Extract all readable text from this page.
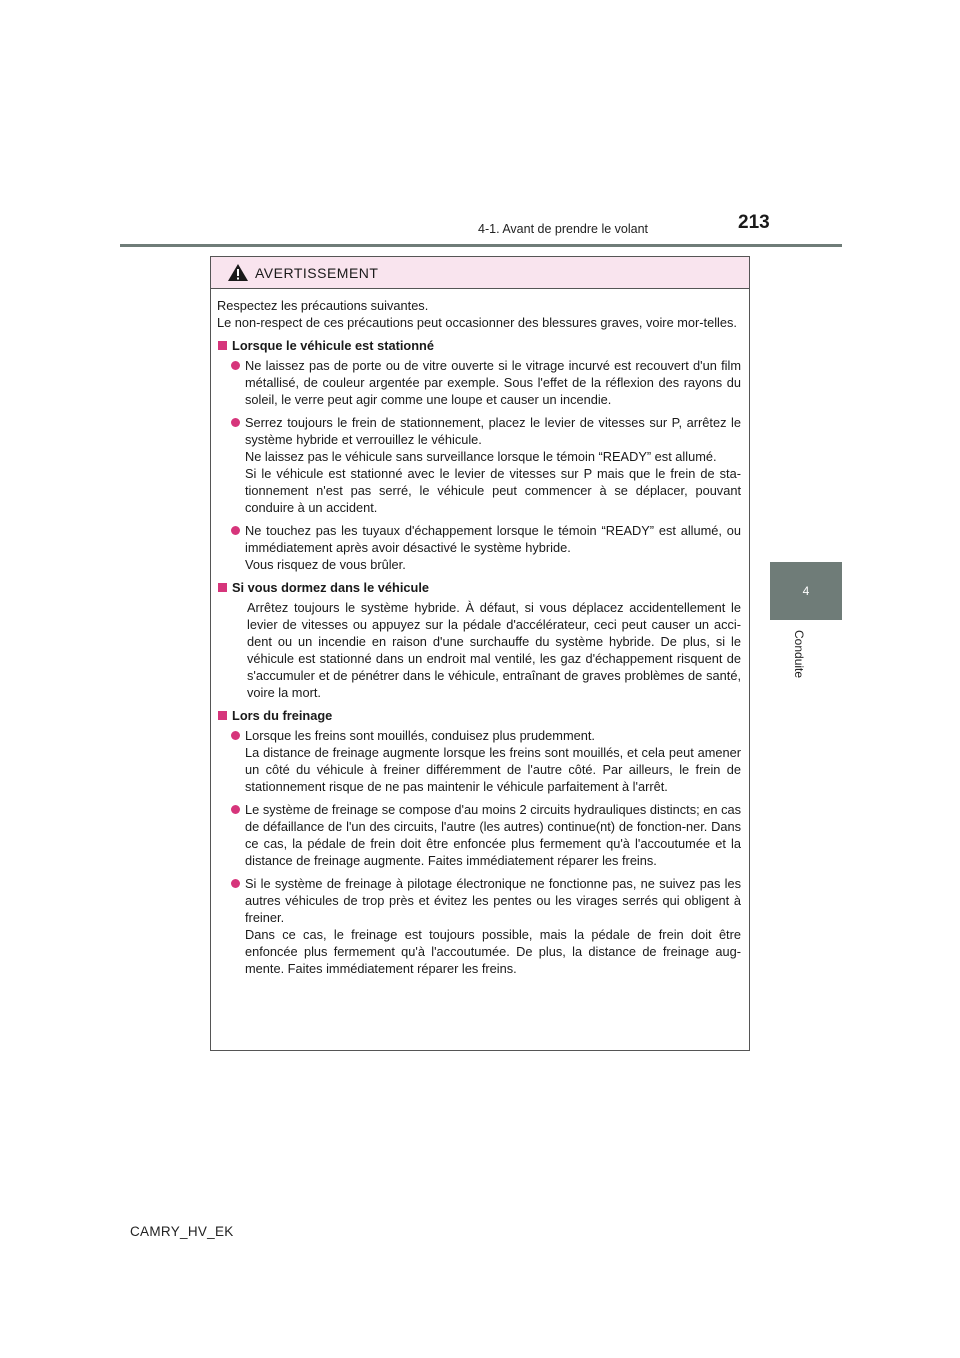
4-1. Avant de prendre le volant	213
4
Conduite
AVERTISSEMENT
Respectez les précautions suivantes.
Le non-respect de ces précautions peut occasionner des blessures graves, voire mor-telles.
Lorsque le véhicule est stationné
Ne laissez pas de porte ou de vitre ouverte si le vitrage incurvé est recouvert d'un film métallisé, de couleur argentée par exemple. Sous l'effet de la réflexion des rayons du soleil, le verre peut agir comme une loupe et causer un incendie.
Serrez toujours le frein de stationnement, placez le levier de vitesses sur P, arrêtez le système hybride et verrouillez le véhicule.
Ne laissez pas le véhicule sans surveillance lorsque le témoin “READY” est allumé.
Si le véhicule est stationné avec le levier de vitesses sur P mais que le frein de sta-tionnement n'est pas serré, le véhicule peut commencer à se déplacer, pouvant conduire à un accident.
Ne touchez pas les tuyaux d'échappement lorsque le témoin “READY” est allumé, ou immédiatement après avoir désactivé le système hybride.
Vous risquez de vous brûler.
Si vous dormez dans le véhicule
Arrêtez toujours le système hybride. À défaut, si vous déplacez accidentellement le levier de vitesses ou appuyez sur la pédale d'accélérateur, ceci peut causer un acci-dent ou un incendie en raison d'une surchauffe du système hybride. De plus, si le véhicule est stationné dans un endroit mal ventilé, les gaz d'échappement risquent de s'accumuler et de pénétrer dans le véhicule, entraînant de graves problèmes de santé, voire la mort.
Lors du freinage
Lorsque les freins sont mouillés, conduisez plus prudemment.
La distance de freinage augmente lorsque les freins sont mouillés, et cela peut amener un côté du véhicule à freiner différemment de l'autre côté. Par ailleurs, le frein de stationnement risque de ne pas maintenir le véhicule parfaitement à l'arrêt.
Le système de freinage se compose d'au moins 2 circuits hydrauliques distincts; en cas de défaillance de l'un des circuits, l'autre (les autres) continue(nt) de fonction-ner. Dans ce cas, la pédale de frein doit être enfoncée plus fermement qu'à l'accoutumée et la distance de freinage augmente. Faites immédiatement réparer les freins.
Si le système de freinage à pilotage électronique ne fonctionne pas, ne suivez pas les autres véhicules de trop près et évitez les pentes ou les virages serrés qui obligent à freiner.
Dans ce cas, le freinage est toujours possible, mais la pédale de frein doit être enfoncée plus fermement qu'à l'accoutumée. De plus, la distance de freinage aug-mente. Faites immédiatement réparer les freins.
CAMRY_HV_EK
